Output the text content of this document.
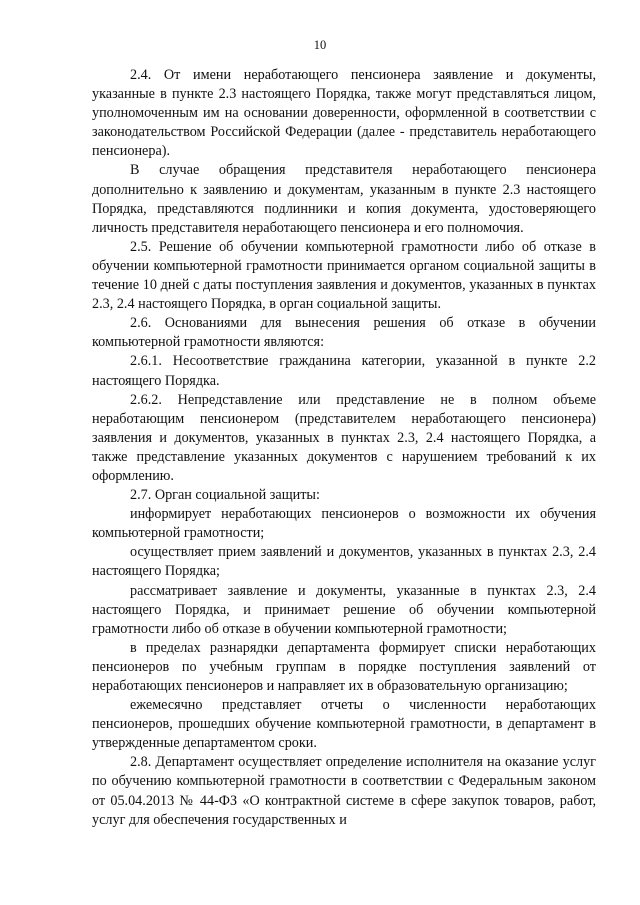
10

2.4. От имени неработающего пенсионера заявление и документы, указанные в пункте 2.3 настоящего Порядка, также могут представляться лицом, уполномоченным им на основании доверенности, оформленной в соответствии с законодательством Российской Федерации (далее - представитель неработающего пенсионера).

В случае обращения представителя неработающего пенсионера дополнительно к заявлению и документам, указанным в пункте 2.3 настоящего Порядка, представляются подлинники и копия документа, удостоверяющего личность представителя неработающего пенсионера и его полномочия.

2.5. Решение об обучении компьютерной грамотности либо об отказе в обучении компьютерной грамотности принимается органом социальной защиты в течение 10 дней с даты поступления заявления и документов, указанных в пунктах 2.3, 2.4 настоящего Порядка, в орган социальной защиты.

2.6. Основаниями для вынесения решения об отказе в обучении компьютерной грамотности являются:

2.6.1. Несоответствие гражданина категории, указанной в пункте 2.2 настоящего Порядка.

2.6.2. Непредставление или представление не в полном объеме неработающим пенсионером (представителем неработающего пенсионера) заявления и документов, указанных в пунктах 2.3, 2.4 настоящего Порядка, а также представление указанных документов с нарушением требований к их оформлению.

2.7. Орган социальной защиты:

информирует неработающих пенсионеров о возможности их обучения компьютерной грамотности;

осуществляет прием заявлений и документов, указанных в пунктах 2.3, 2.4 настоящего Порядка;

рассматривает заявление и документы, указанные в пунктах 2.3, 2.4 настоящего Порядка, и принимает решение об обучении компьютерной грамотности либо об отказе в обучении компьютерной грамотности;

в пределах разнарядки департамента формирует списки неработающих пенсионеров по учебным группам в порядке поступления заявлений от неработающих пенсионеров и направляет их в образовательную организацию;

ежемесячно представляет отчеты о численности неработающих пенсионеров, прошедших обучение компьютерной грамотности, в департамент в утвержденные департаментом сроки.

2.8. Департамент осуществляет определение исполнителя на оказание услуг по обучению компьютерной грамотности в соответствии с Федеральным законом от 05.04.2013 № 44-ФЗ «О контрактной системе в сфере закупок товаров, работ, услуг для обеспечения государственных и
